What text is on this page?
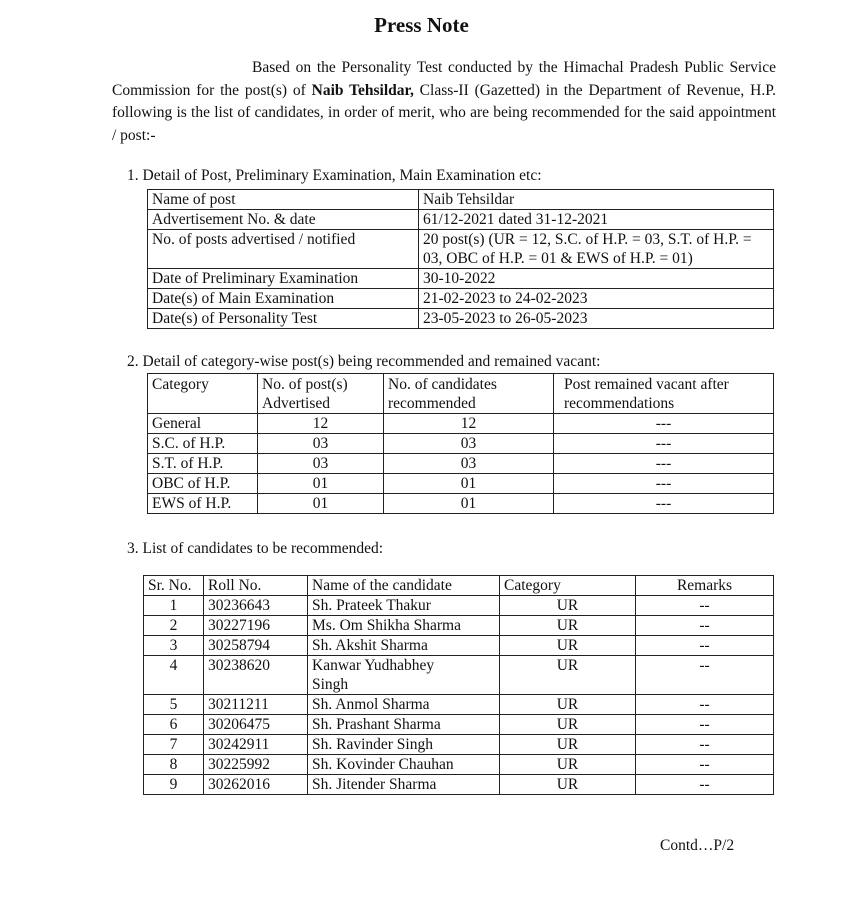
Press Note
Based on the Personality Test conducted by the Himachal Pradesh Public Service Commission for the post(s) of Naib Tehsildar, Class-II (Gazetted) in the Department of Revenue, H.P. following is the list of candidates, in order of merit, who are being recommended for the said appointment / post:-
1. Detail of Post, Preliminary Examination, Main Examination etc:
Name of post	Naib Tehsildar
Advertisement No. & date	61/12-2021 dated 31-12-2021
No. of posts advertised / notified	20 post(s) (UR = 12, S.C. of H.P. = 03, S.T. of H.P. = 03, OBC of H.P. = 01 & EWS of H.P. = 01)
Date of Preliminary Examination	30-10-2022
Date(s) of Main Examination	21-02-2023 to 24-02-2023
Date(s) of Personality Test	23-05-2023 to 26-05-2023
2. Detail of category-wise post(s) being recommended and remained vacant:
Category	No. of post(s) Advertised	No. of candidates recommended	Post remained vacant after recommendations
General	12	12	---
S.C. of H.P.	03	03	---
S.T. of H.P.	03	03	---
OBC of H.P.	01	01	---
EWS of H.P.	01	01	---
3. List of candidates to be recommended:
Sr. No.	Roll No.	Name of the candidate	Category	Remarks
1	30236643	Sh. Prateek Thakur	UR	--
2	30227196	Ms. Om Shikha Sharma	UR	--
3	30258794	Sh. Akshit Sharma	UR	--
4	30238620	Kanwar Yudhabhey Singh	UR	--
5	30211211	Sh. Anmol Sharma	UR	--
6	30206475	Sh. Prashant Sharma	UR	--
7	30242911	Sh. Ravinder Singh	UR	--
8	30225992	Sh. Kovinder Chauhan	UR	--
9	30262016	Sh. Jitender Sharma	UR	--
Contd…P/2
